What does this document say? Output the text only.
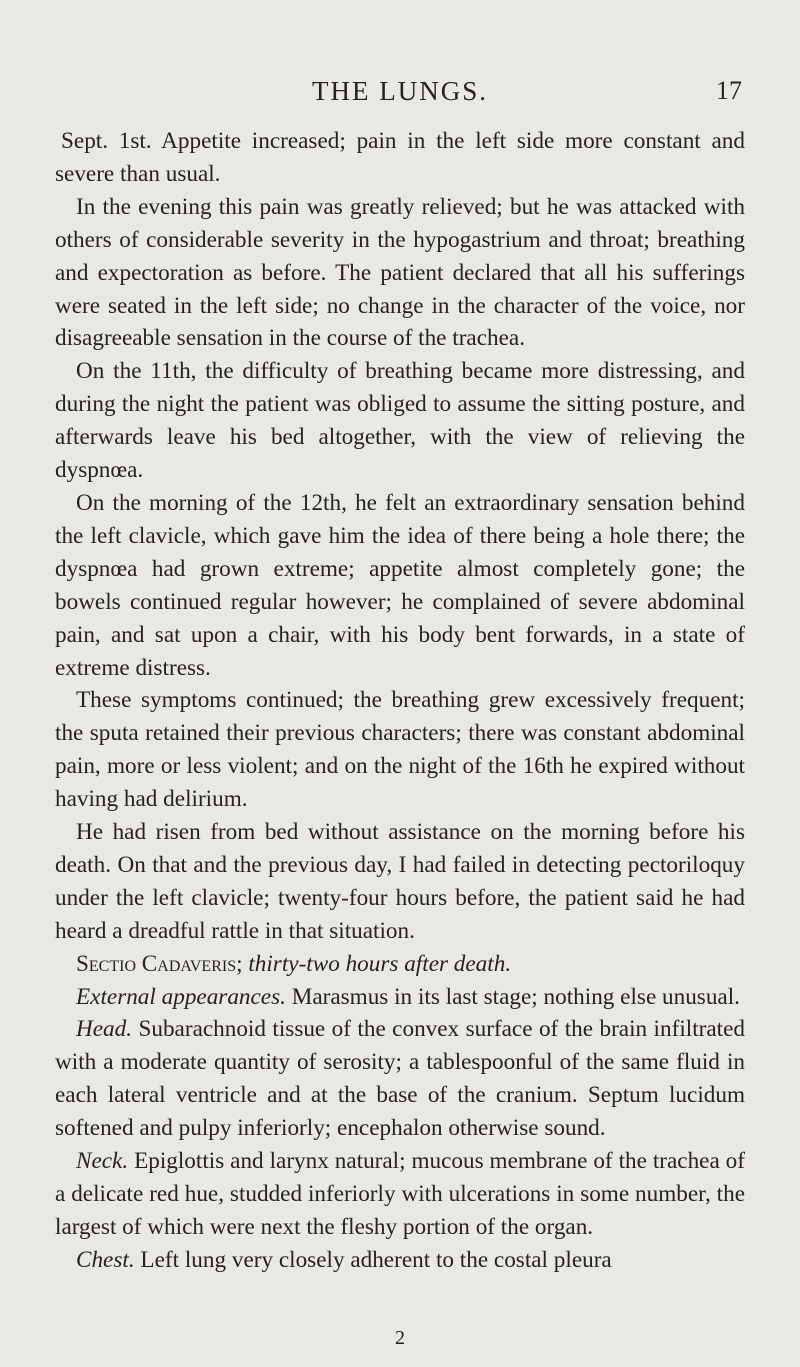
THE LUNGS.	17

Sept. 1st. Appetite increased; pain in the left side more constant and severe than usual.

In the evening this pain was greatly relieved; but he was attacked with others of considerable severity in the hypogastrium and throat; breathing and expectoration as before. The patient declared that all his sufferings were seated in the left side; no change in the character of the voice, nor disagreeable sensation in the course of the trachea.

On the 11th, the difficulty of breathing became more distressing, and during the night the patient was obliged to assume the sitting posture, and afterwards leave his bed altogether, with the view of relieving the dyspnœa.

On the morning of the 12th, he felt an extraordinary sensation behind the left clavicle, which gave him the idea of there being a hole there; the dyspnœa had grown extreme; appetite almost completely gone; the bowels continued regular however; he complained of severe abdominal pain, and sat upon a chair, with his body bent forwards, in a state of extreme distress.

These symptoms continued; the breathing grew excessively frequent; the sputa retained their previous characters; there was constant abdominal pain, more or less violent; and on the night of the 16th he expired without having had delirium.

He had risen from bed without assistance on the morning before his death. On that and the previous day, I had failed in detecting pectoriloquy under the left clavicle; twenty-four hours before, the patient said he had heard a dreadful rattle in that situation.

Sectio Cadaveris; thirty-two hours after death.

External appearances. Marasmus in its last stage; nothing else unusual.

Head. Subarachnoid tissue of the convex surface of the brain infiltrated with a moderate quantity of serosity; a tablespoonful of the same fluid in each lateral ventricle and at the base of the cranium. Septum lucidum softened and pulpy inferiorly; encephalon otherwise sound.

Neck. Epiglottis and larynx natural; mucous membrane of the trachea of a delicate red hue, studded inferiorly with ulcerations in some number, the largest of which were next the fleshy portion of the organ.

Chest. Left lung very closely adherent to the costal pleura

2
